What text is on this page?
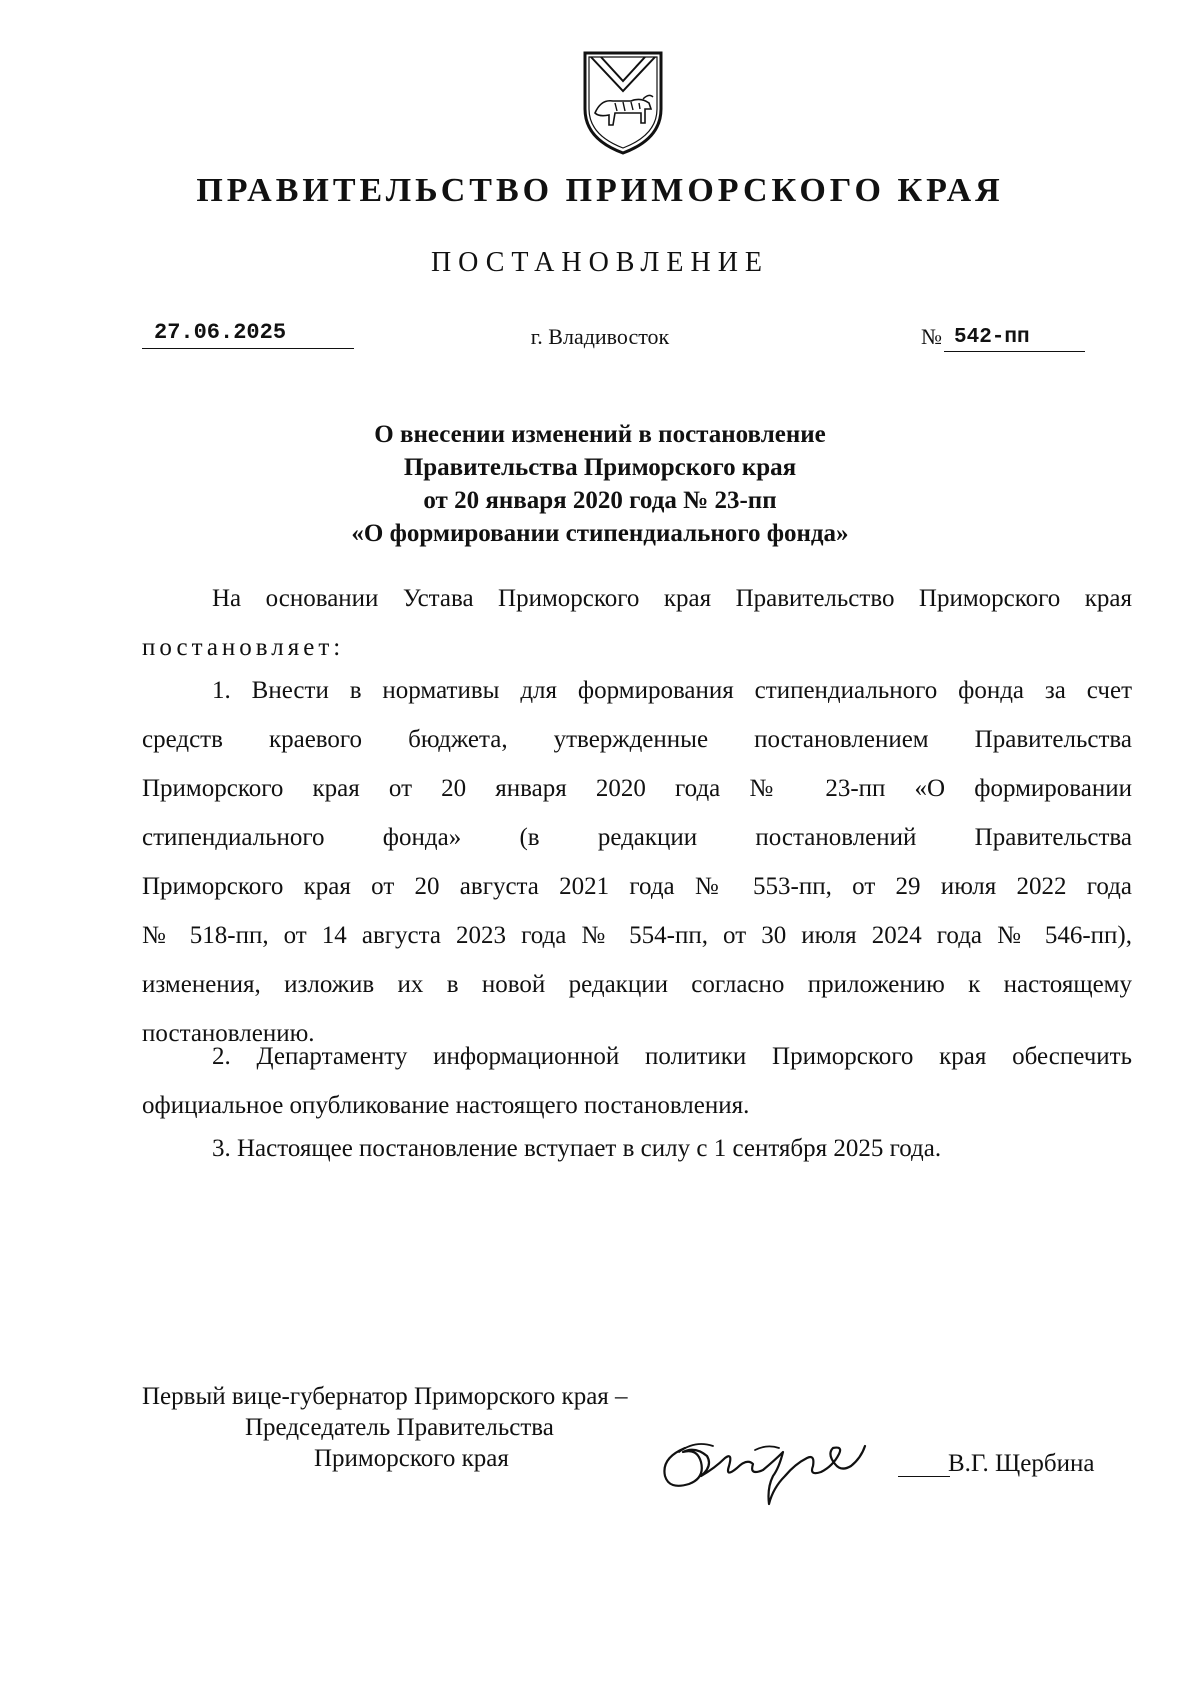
ПРАВИТЕЛЬСТВО ПРИМОРСКОГО КРАЯ
ПОСТАНОВЛЕНИЕ
27.06.2025	г. Владивосток	№ 542-пп
О внесении изменений в постановление
Правительства Приморского края
от 20 января 2020 года № 23-пп
«О формировании стипендиального фонда»
На основании Устава Приморского края Правительство Приморского края
постановляет:
1. Внести в нормативы для формирования стипендиального фонда за счет
средств краевого бюджета, утвержденные постановлением Правительства
Приморского края от 20 января 2020 года № 23-пп «О формировании
стипендиального фонда» (в редакции постановлений Правительства
Приморского края от 20 августа 2021 года № 553-пп, от 29 июля 2022 года
№ 518-пп, от 14 августа 2023 года № 554-пп, от 30 июля 2024 года № 546-пп),
изменения, изложив их в новой редакции согласно приложению к настоящему
постановлению.
2. Департаменту информационной политики Приморского края обеспечить
официальное опубликование настоящего постановления.
3. Настоящее постановление вступает в силу с 1 сентября 2025 года.
Первый вице-губернатор Приморского края –
Председатель Правительства
Приморского края	В.Г. Щербина
